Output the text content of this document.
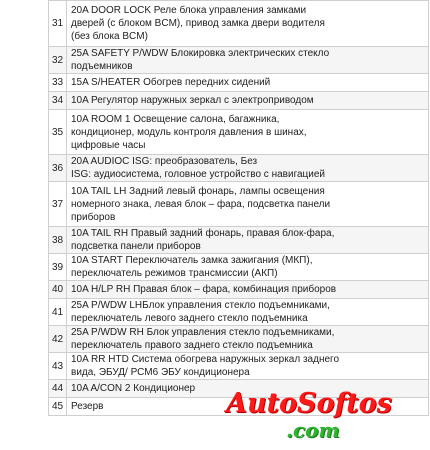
31	20A DOOR LOCK Реле блока управления замками
дверей (с блоком BCM), привод замка двери водителя
(без блока BCM)
32	25A SAFETY P/WDW Блокировка электрических стекло
подъемников
33	15A S/HEATER Обогрев передних сидений
34	10A Регулятор наружных зеркал с электроприводом
35	10A ROOM 1 Освещение салона, багажника,
кондиционер, модуль контроля давления в шинах,
цифровые часы
36	20A AUDIOC ISG: преобразователь, Без
ISG: аудиосистема, головное устройство с навигацией
37	10A TAIL LH Задний левый фонарь, лампы освещения
номерного знака, левая блок – фара, подсветка панели
приборов
38	10A TAIL RH Правый задний фонарь, правая блок-фара,
подсветка панели приборов
39	10A START Переключатель замка зажигания (МКП),
переключатель режимов трансмиссии (АКП)
40	10A H/LP RH Правая блок – фара, комбинация приборов
41	25A P/WDW LHБлок управления стекло подъемниками,
переключатель левого заднего стекло подъемника
42	25A P/WDW RH Блок управления стекло подъемниками,
переключатель правого заднего стекло подъемника
43	10A RR HTD Система обогрева наружных зеркал заднего
вида, ЭБУД/ РСМ6 ЭБУ кондиционера
44	10A A/CON 2 Кондиционер
45	Резерв	AutoSoftos
.com
